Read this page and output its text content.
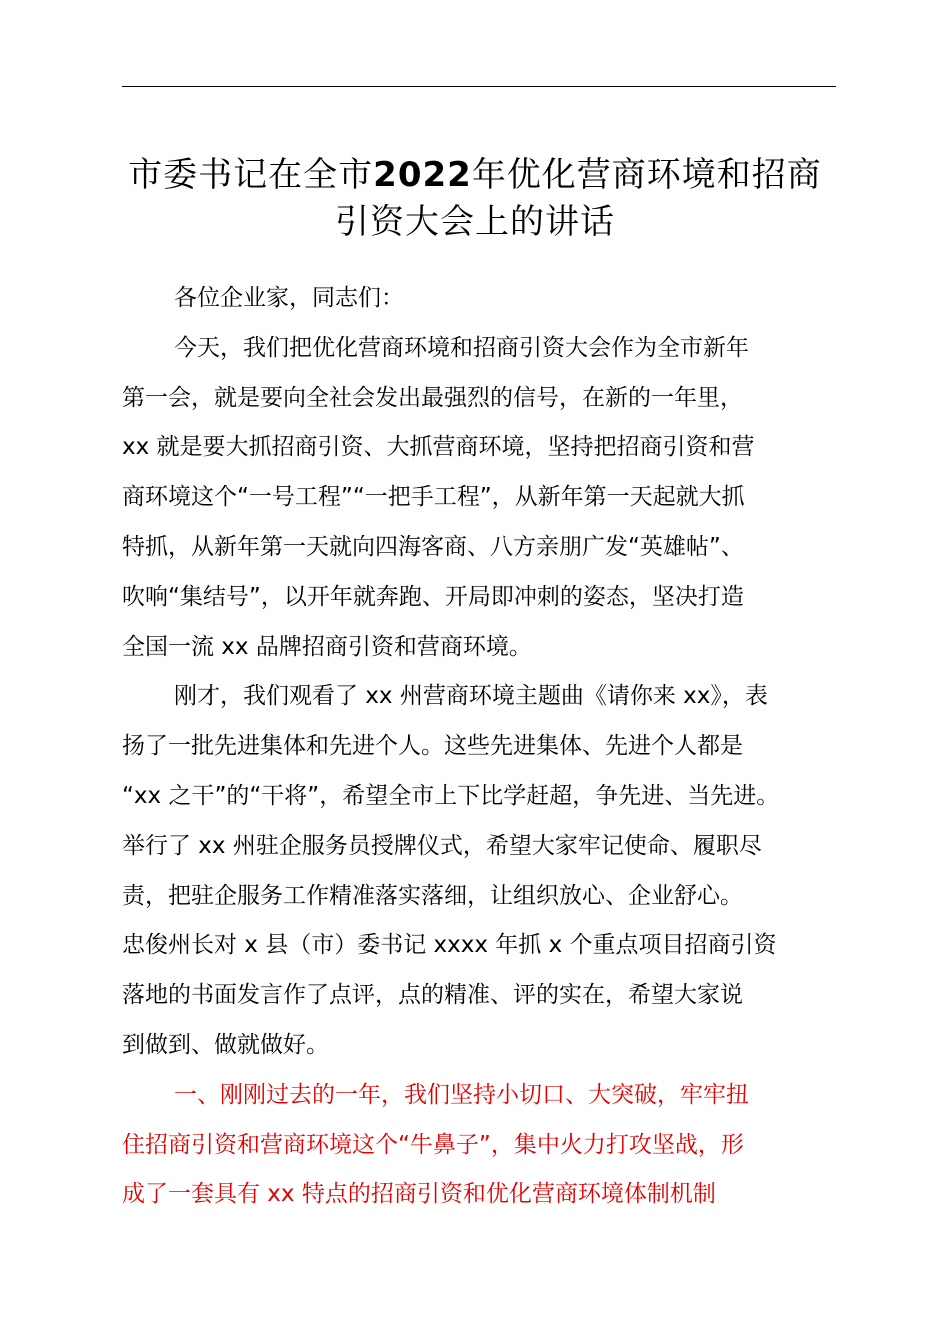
市委书记在全市2022年优化营商环境和招商
引资大会上的讲话
各位企业家，同志们：
今天，我们把优化营商环境和招商引资大会作为全市新年
第一会，就是要向全社会发出最强烈的信号，在新的一年里，
xx 就是要大抓招商引资、大抓营商环境，坚持把招商引资和营
商环境这个“一号工程”“一把手工程”，从新年第一天起就大抓
特抓，从新年第一天就向四海客商、八方亲朋广发“英雄帖”、
吹响“集结号”，以开年就奔跑、开局即冲刺的姿态，坚决打造
全国一流 xx 品牌招商引资和营商环境。
刚才，我们观看了 xx 州营商环境主题曲《请你来 xx》，表
扬了一批先进集体和先进个人。这些先进集体、先进个人都是
“xx 之干”的“干将”，希望全市上下比学赶超，争先进、当先进。
举行了 xx 州驻企服务员授牌仪式，希望大家牢记使命、履职尽
责，把驻企服务工作精准落实落细，让组织放心、企业舒心。
忠俊州长对 x 县（市）委书记 xxxx 年抓 x 个重点项目招商引资
落地的书面发言作了点评，点的精准、评的实在，希望大家说
到做到、做就做好。
一、刚刚过去的一年，我们坚持小切口、大突破，牢牢扭
住招商引资和营商环境这个“牛鼻子”，集中火力打攻坚战，形
成了一套具有 xx 特点的招商引资和优化营商环境体制机制
